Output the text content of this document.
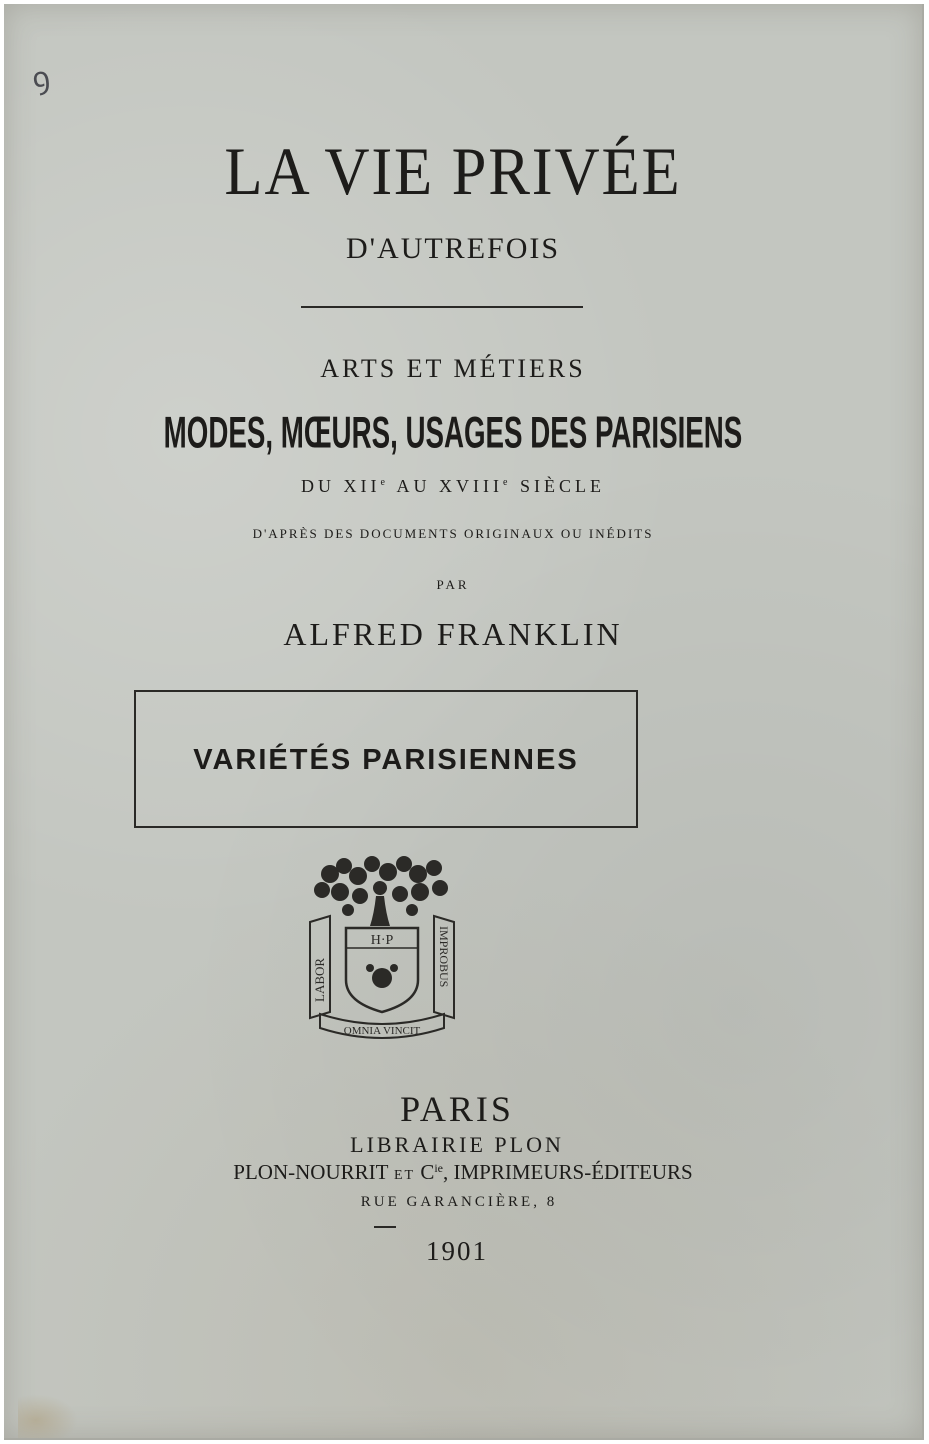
ꝯ
LA VIE PRIVÉE
D'AUTREFOIS
ARTS ET MÉTIERS
MODES, MŒURS, USAGES DES PARISIENS
DU XIIe AU XVIIIe SIÈCLE
D'APRÈS DES DOCUMENTS ORIGINAUX OU INÉDITS
PAR
ALFRED FRANKLIN
VARIÉTÉS PARISIENNES
H·P
LABOR	IMPROBUS
OMNIA VINCIT
PARIS
LIBRAIRIE PLON
PLON-NOURRIT ET $C^{ie}$, IMPRIMEURS-ÉDITEURS
RUE GARANCIÈRE, 8
1901
